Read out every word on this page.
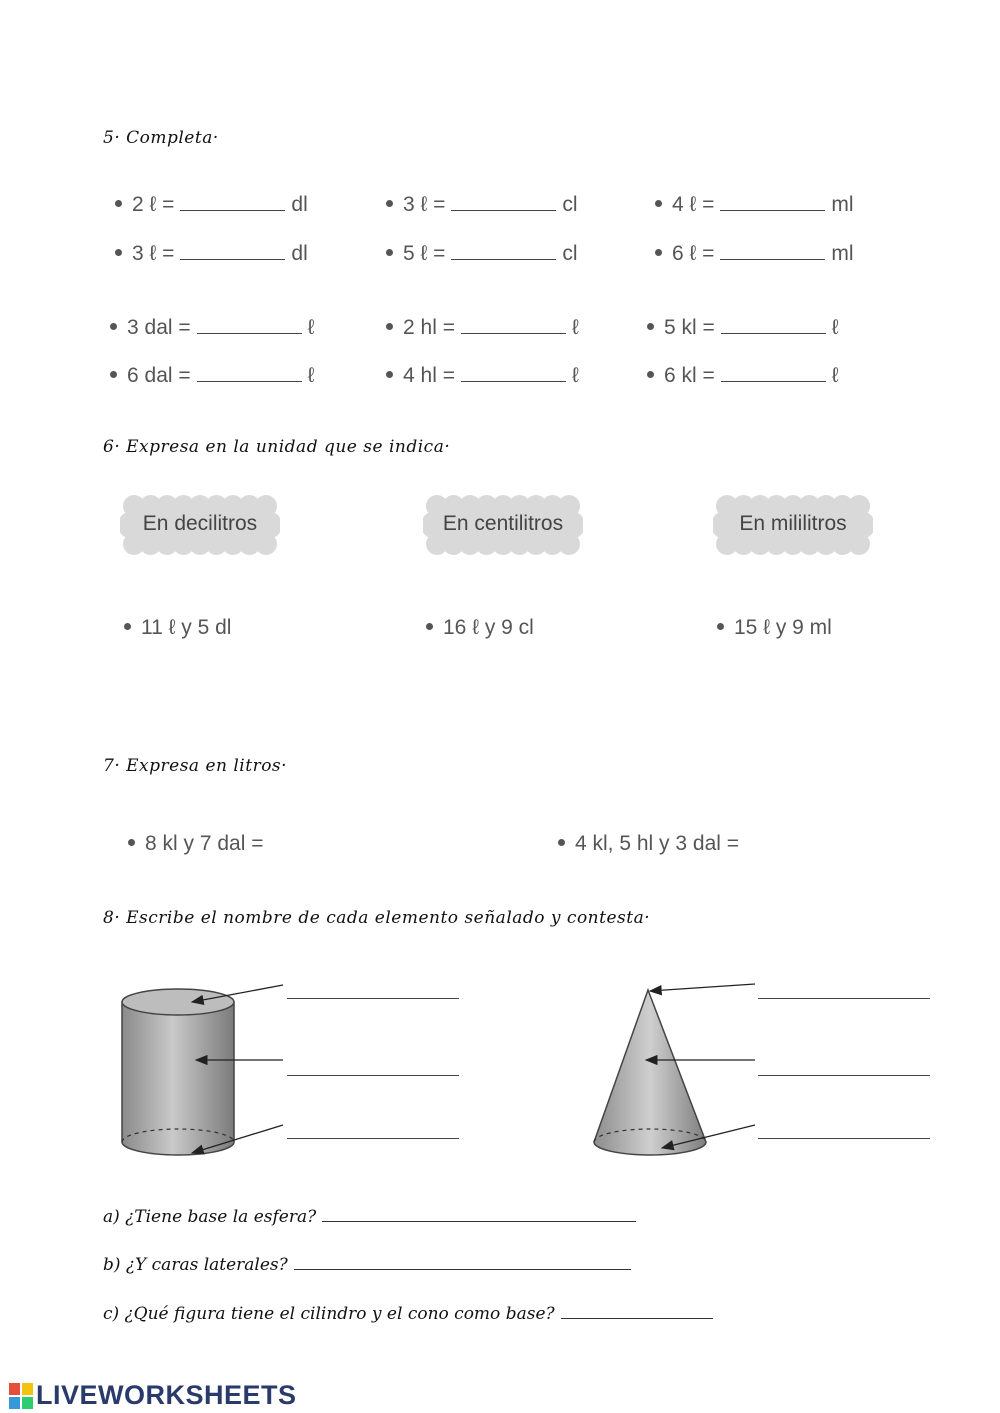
5· Completa·
2 ℓ =	dl	3 ℓ =	cl	4 ℓ =	ml
3 ℓ =	dl	5 ℓ =	cl	6 ℓ =	ml
3 dal =	ℓ	2 hl =	ℓ	5 kl =	ℓ
6 dal =	ℓ	4 hl =	ℓ	6 kl =	ℓ
6· Expresa en la unidad que se indica·
En decilitros	En centilitros	En mililitros
11 ℓ y 5 dl	16 ℓ y 9 cl	15 ℓ y 9 ml
7· Expresa en litros·
8 kl y 7 dal =	4 kl, 5 hl y 3 dal =
8· Escribe el nombre de cada elemento señalado y contesta·
a) ¿Tiene base la esfera?
b) ¿Y caras laterales?
c) ¿Qué figura tiene el cilindro y el cono como base?
LIVEWORKSHEETS
